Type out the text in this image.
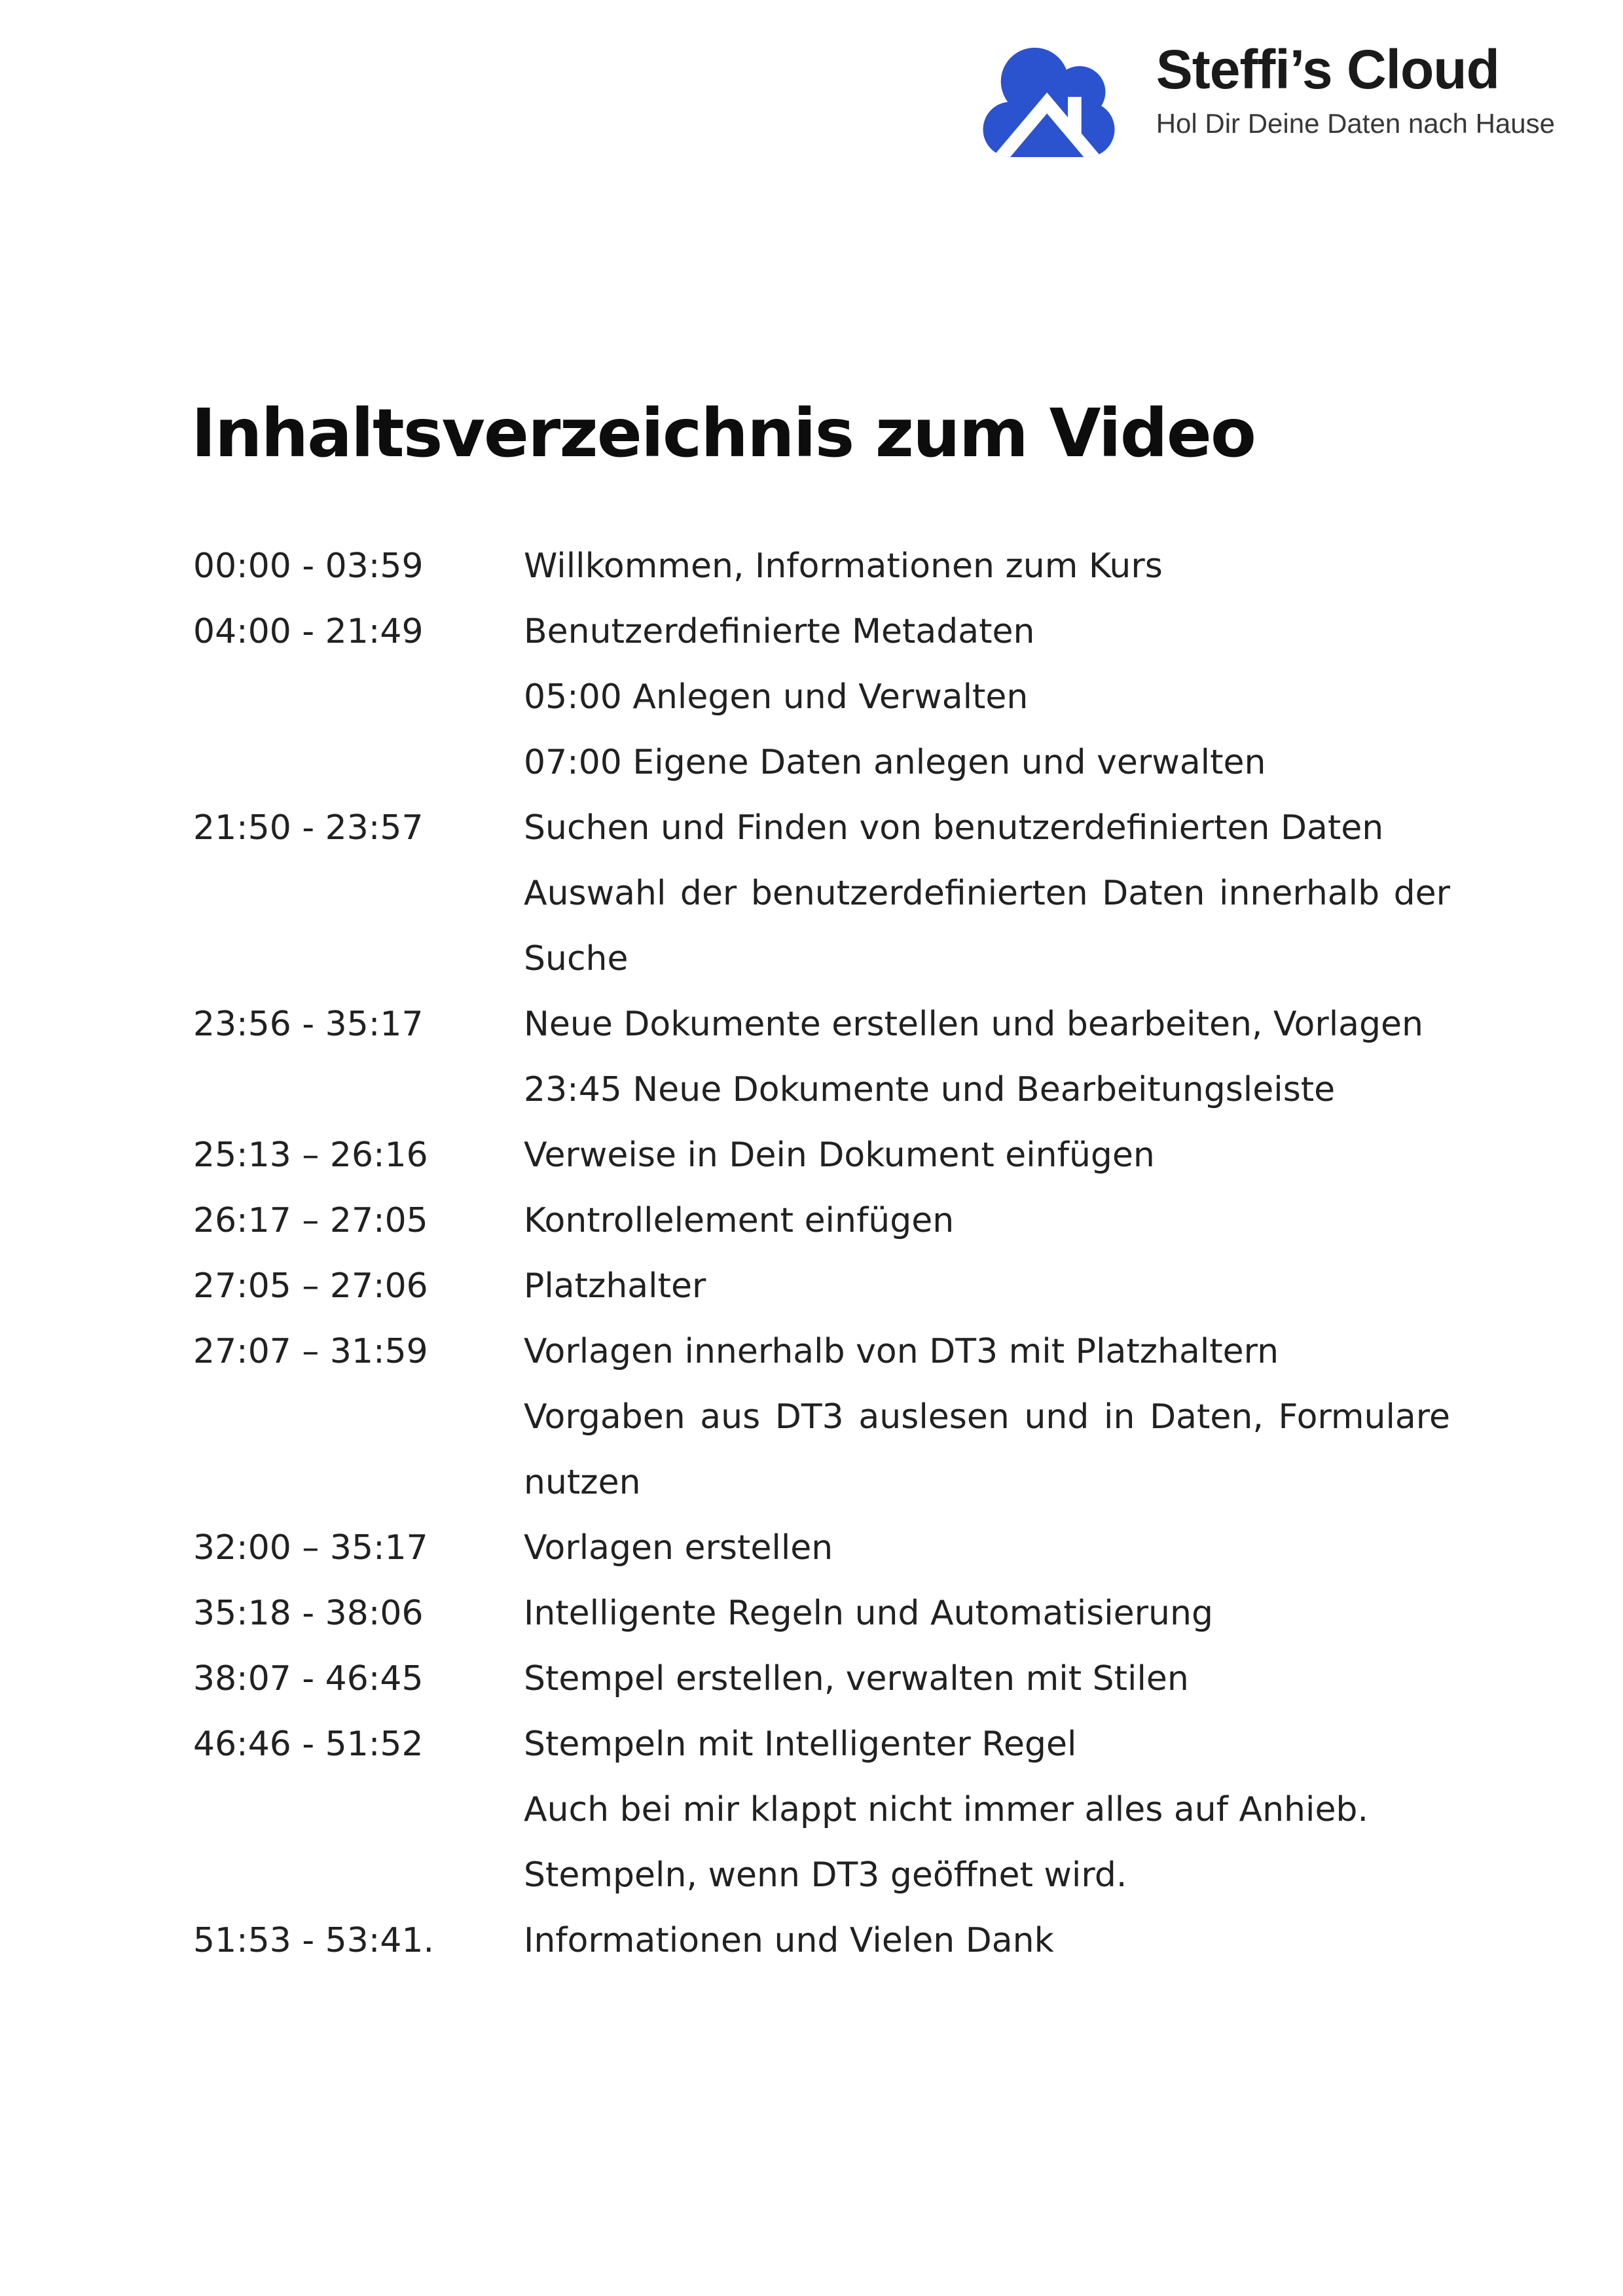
Steffi’s Cloud
Hol Dir Deine Daten nach Hause
Inhaltsverzeichnis zum Video
00:00 - 03:59	Willkommen, Informationen zum Kurs
04:00 - 21:49	Benutzerdefinierte Metadaten
05:00 Anlegen und Verwalten
07:00 Eigene Daten anlegen und verwalten
21:50 - 23:57	Suchen und Finden von benutzerdefinierten Daten
Auswahl der benutzerdefinierten Daten innerhalb der
Suche
23:56 - 35:17	Neue Dokumente erstellen und bearbeiten, Vorlagen
23:45 Neue Dokumente und Bearbeitungsleiste
25:13 – 26:16	Verweise in Dein Dokument einfügen
26:17 – 27:05	Kontrollelement einfügen
27:05 – 27:06	Platzhalter
27:07 – 31:59	Vorlagen innerhalb von DT3 mit Platzhaltern
Vorgaben aus DT3 auslesen und in Daten, Formulare
nutzen
32:00 – 35:17	Vorlagen erstellen
35:18 - 38:06	Intelligente Regeln und Automatisierung
38:07 - 46:45	Stempel erstellen, verwalten mit Stilen
46:46 - 51:52	Stempeln mit Intelligenter Regel
Auch bei mir klappt nicht immer alles auf Anhieb.
Stempeln, wenn DT3 geöffnet wird.
51:53 - 53:41.	Informationen und Vielen Dank
